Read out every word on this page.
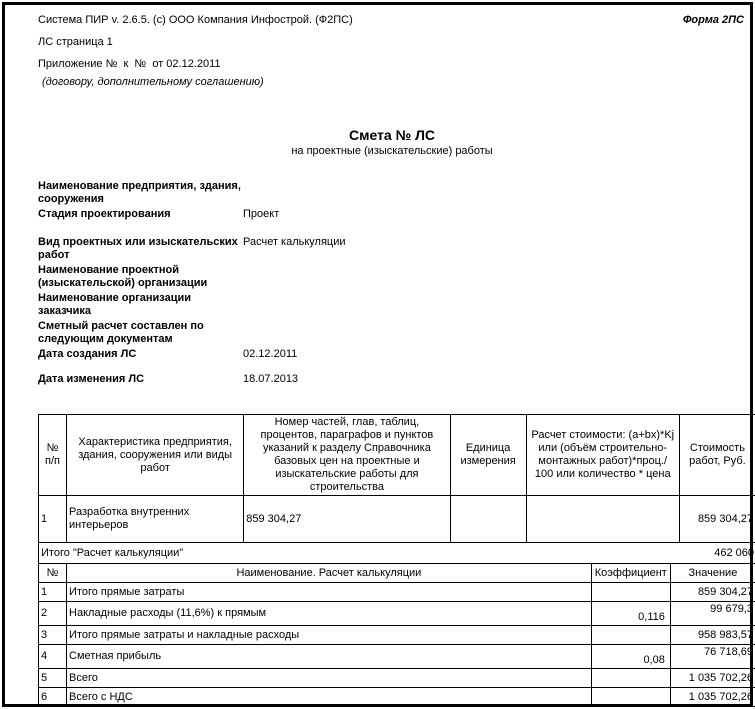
Система ПИР v. 2.6.5. (с) ООО Компания Инфострой. (Ф2ПС)	Форма 2ПС
ЛС страница 1
Приложение №  к  №  от 02.12.2011
(договору, дополнительному соглашению)
Смета № ЛС
на проектные (изыскательские) работы
Наименование предприятия, здания, сооружения
Стадия проектирования	Проект
Вид проектных или изыскательских работ
Расчет калькуляции
Наименование проектной (изыскательской) организации
Наименование организации заказчика
Сметный расчет составлен по следующим документам
Дата создания ЛС	02.12.2011
Дата изменения ЛС	18.07.2013
№ п/п	Характеристика предприятия, здания, сооружения или виды работ	Номер частей, глав, таблиц, процентов, параграфов и пунктов указаний к разделу Справочника базовых цен на проектные и изыскательские работы для строительства	Единица измерения	Расчет стоимости: (a+bx)*Kj или (объём строительно-монтажных работ)*проц./ 100 или количество * цена	Стоимость работ, Руб.
1	Разработка внутренних интерьеров	859 304,27			859 304,27

Итого "Расчет калькуляции" 462 060					
№	Наименование. Расчет калькуляции	Коэффициент	Значение
1	Итого прямые затраты		859 304,27
2	Накладные расходы (11,6%) к прямым	0,116	99 679,3
3	Итого прямые затраты и накладные расходы		958 983,57
4	Сметная прибыль	0,08	76 718,69
5	Всего		1 035 702,26
6	Всего с НДС		1 035 702,26
